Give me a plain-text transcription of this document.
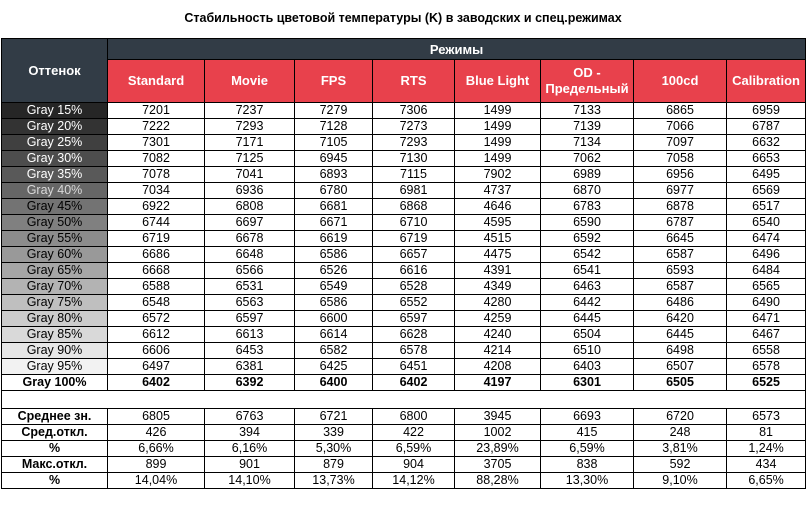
Стабильность цветовой температуры (K) в заводских и спец.режимах
Оттенок	Режимы							
	Standard	Movie	FPS	RTS	Blue Light	OD - Предельный	100cd	Calibration
Gray 15%	7201	7237	7279	7306	1499	7133	6865	6959
Gray 20%	7222	7293	7128	7273	1499	7139	7066	6787
Gray 25%	7301	7171	7105	7293	1499	7134	7097	6632
Gray 30%	7082	7125	6945	7130	1499	7062	7058	6653
Gray 35%	7078	7041	6893	7115	7902	6989	6956	6495
Gray 40%	7034	6936	6780	6981	4737	6870	6977	6569
Gray 45%	6922	6808	6681	6868	4646	6783	6878	6517
Gray 50%	6744	6697	6671	6710	4595	6590	6787	6540
Gray 55%	6719	6678	6619	6719	4515	6592	6645	6474
Gray 60%	6686	6648	6586	6657	4475	6542	6587	6496
Gray 65%	6668	6566	6526	6616	4391	6541	6593	6484
Gray 70%	6588	6531	6549	6528	4349	6463	6587	6565
Gray 75%	6548	6563	6586	6552	4280	6442	6486	6490
Gray 80%	6572	6597	6600	6597	4259	6445	6420	6471
Gray 85%	6612	6613	6614	6628	4240	6504	6445	6467
Gray 90%	6606	6453	6582	6578	4214	6510	6498	6558
Gray 95%	6497	6381	6425	6451	4208	6403	6507	6578
Gray 100%	6402	6392	6400	6402	4197	6301	6505	6525

Среднее зн.	6805	6763	6721	6800	3945	6693	6720	6573
Сред.откл.	426	394	339	422	1002	415	248	81
%	6,66%	6,16%	5,30%	6,59%	23,89%	6,59%	3,81%	1,24%
Макс.откл.	899	901	879	904	3705	838	592	434
%	14,04%	14,10%	13,73%	14,12%	88,28%	13,30%	9,10%	6,65%
